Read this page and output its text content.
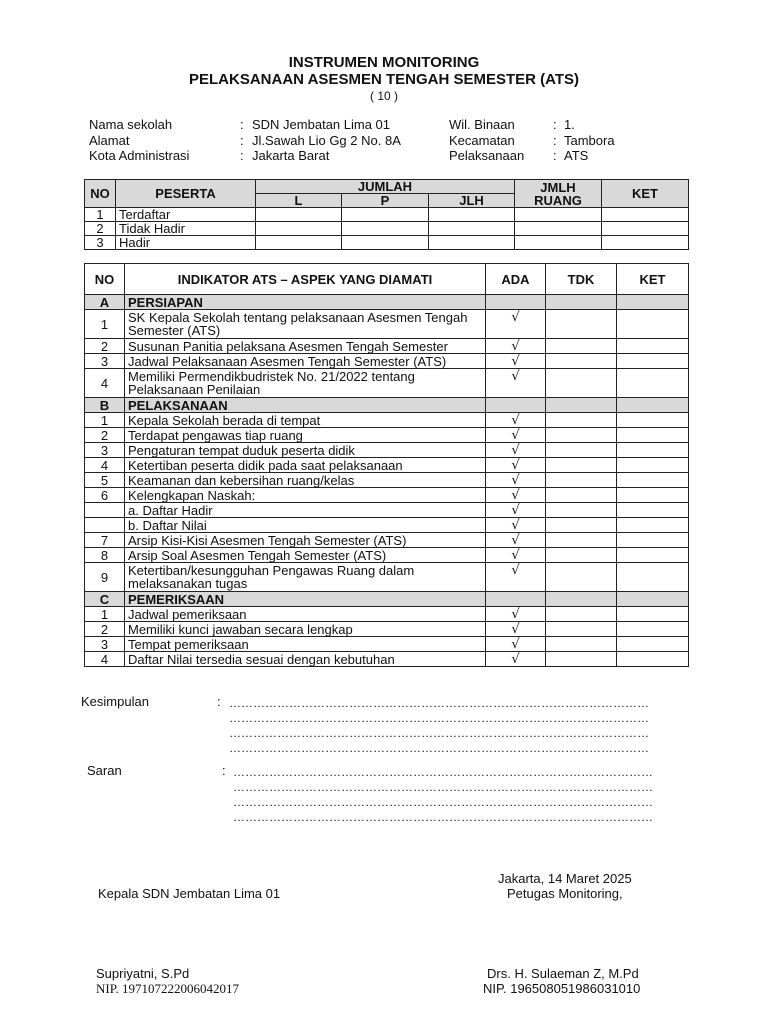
INSTRUMEN MONITORING
PELAKSANAAN ASESMEN TENGAH SEMESTER (ATS)
( 10 )
Nama sekolah	: SDN Jembatan Lima 01	Wil. Binaan	: 1.
Alamat	: Jl.Sawah Lio Gg 2 No. 8A	Kecamatan	: Tambora
Kota Administrasi	: Jakarta Barat	Pelaksanaan : ATS
NO	PESERTA	JUMLAH			JMLH RUANG	KET
		L	P	JLH		
1	Terdaftar					
2	Tidak Hadir					
3	Hadir					
NO	INDIKATOR ATS – ASPEK YANG DIAMATI	ADA	TDK	KET
A	PERSIAPAN			
1	SK Kepala Sekolah tentang pelaksanaan Asesmen Tengah Semester (ATS)	√		
2	Susunan Panitia pelaksana Asesmen Tengah Semester	√		
3	Jadwal Pelaksanaan Asesmen Tengah Semester (ATS)	√		
4	Memiliki Permendikbudristek No. 21/2022 tentang Pelaksanaan Penilaian	√		
B	PELAKSANAAN			
1	Kepala Sekolah berada di tempat	√		
2	Terdapat pengawas tiap ruang	√		
3	Pengaturan tempat duduk peserta didik	√		
4	Ketertiban peserta didik pada saat pelaksanaan	√		
5	Keamanan dan kebersihan ruang/kelas	√		
6	Kelengkapan Naskah:	√		
	a. Daftar Hadir	√		
	b. Daftar Nilai	√		
7	Arsip Kisi-Kisi Asesmen Tengah Semester (ATS)	√		
8	Arsip Soal Asesmen Tengah Semester (ATS)	√		
9	Ketertiban/kesungguhan Pengawas Ruang dalam melaksanakan tugas	√		
C	PEMERIKSAAN			
1	Jadwal pemeriksaan	√		
2	Memiliki kunci jawaban secara lengkap	√		
3	Tempat pemeriksaan	√		
4	Daftar Nilai tersedia sesuai dengan kebutuhan	√		
Kesimpulan	: ……………………………………………………………………………………………
……………………………………………………………………………………………
……………………………………………………………………………………………
……………………………………………………………………………………………
Saran	: ……………………………………………………………………………………………
……………………………………………………………………………………………
……………………………………………………………………………………………
……………………………………………………………………………………………
Jakarta, 14 Maret 2025
Kepala SDN Jembatan Lima 01	Petugas Monitoring,
Supriyatni, S.Pd
NIP. 197107222006042017
Drs. H. Sulaeman Z, M.Pd
NIP. 196508051986031010
